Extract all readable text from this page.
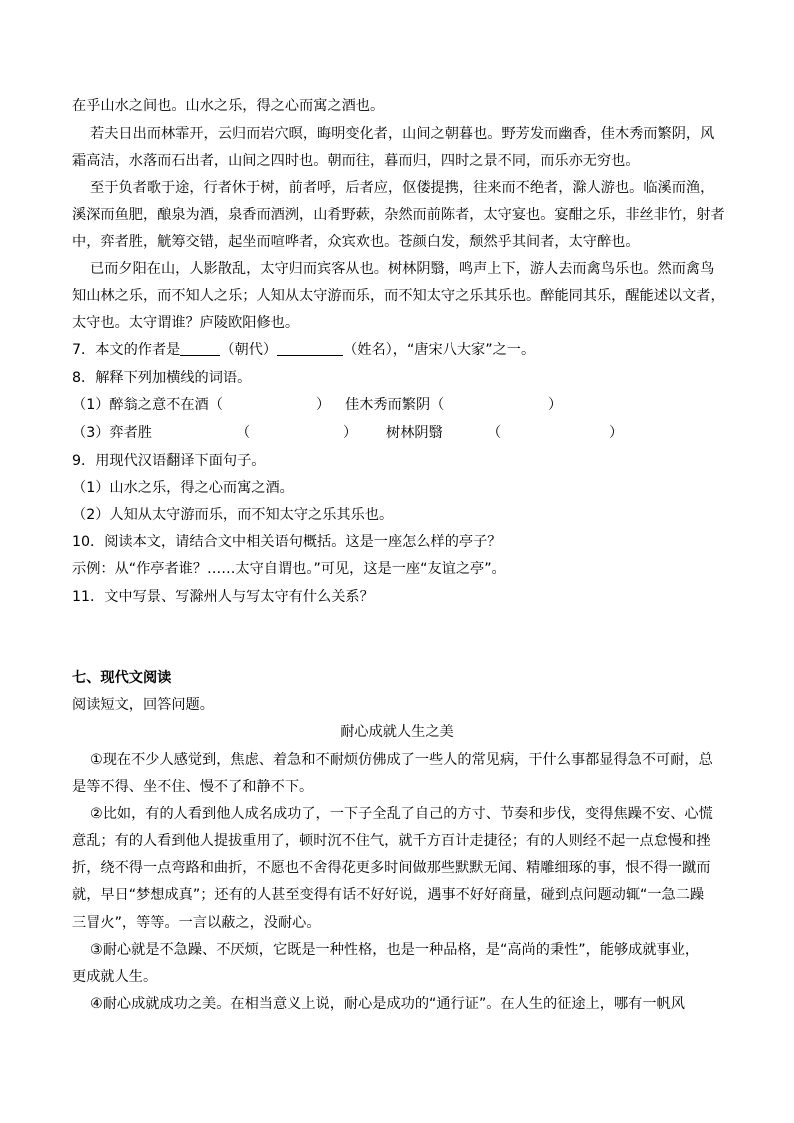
在乎山水之间也。山水之乐，得之心而寓之酒也。
若夫日出而林霏开，云归而岩穴暝，晦明变化者，山间之朝暮也。野芳发而幽香，佳木秀而繁阴，风
霜高洁，水落而石出者，山间之四时也。朝而往，暮而归，四时之景不同，而乐亦无穷也。
至于负者歌于途，行者休于树，前者呼，后者应，伛偻提携，往来而不绝者，滁人游也。临溪而渔，
溪深而鱼肥，酿泉为酒，泉香而酒洌，山肴野蔌，杂然而前陈者，太守宴也。宴酣之乐，非丝非竹，射者
中，弈者胜，觥筹交错，起坐而喧哗者，众宾欢也。苍颜白发，颓然乎其间者，太守醉也。
已而夕阳在山，人影散乱，太守归而宾客从也。树林阴翳，鸣声上下，游人去而禽鸟乐也。然而禽鸟
知山林之乐，而不知人之乐；人知从太守游而乐，而不知太守之乐其乐也。醉能同其乐，醒能述以文者，
太守也。太守谓谁？庐陵欧阳修也。
7．本文的作者是	（朝代）	（姓名），“唐宋八大家”之一。
8．解释下列加横线的词语。
（1）醉翁之意不在酒（	） 佳木秀而繁阴（	）
（3）弈者胜	（	） 树林阴翳	（	）
9．用现代汉语翻译下面句子。
（1）山水之乐，得之心而寓之酒。
（2）人知从太守游而乐，而不知太守之乐其乐也。
10．阅读本文，请结合文中相关语句概括。这是一座怎么样的亭子？
示例：从“作亭者谁？……太守自谓也。”可见，这是一座“友谊之亭”。
11．文中写景、写滁州人与写太守有什么关系？
七、现代文阅读
阅读短文，回答问题。
耐心成就人生之美
①现在不少人感觉到，焦虑、着急和不耐烦仿佛成了一些人的常见病，干什么事都显得急不可耐，总
是等不得、坐不住、慢不了和静不下。
②比如，有的人看到他人成名成功了，一下子全乱了自己的方寸、节奏和步伐，变得焦躁不安、心慌
意乱；有的人看到他人提拔重用了，顿时沉不住气，就千方百计走捷径；有的人则经不起一点怠慢和挫
折，绕不得一点弯路和曲折，不愿也不舍得花更多时间做那些默默无闻、精雕细琢的事，恨不得一蹴而
就，早日“梦想成真”；还有的人甚至变得有话不好好说，遇事不好好商量，碰到点问题动辄“一急二躁
三冒火”，等等。一言以蔽之，没耐心。
③耐心就是不急躁、不厌烦，它既是一种性格，也是一种品格，是“高尚的秉性”，能够成就事业，
更成就人生。
④耐心成就成功之美。在相当意义上说，耐心是成功的“通行证”。在人生的征途上，哪有一帆风
